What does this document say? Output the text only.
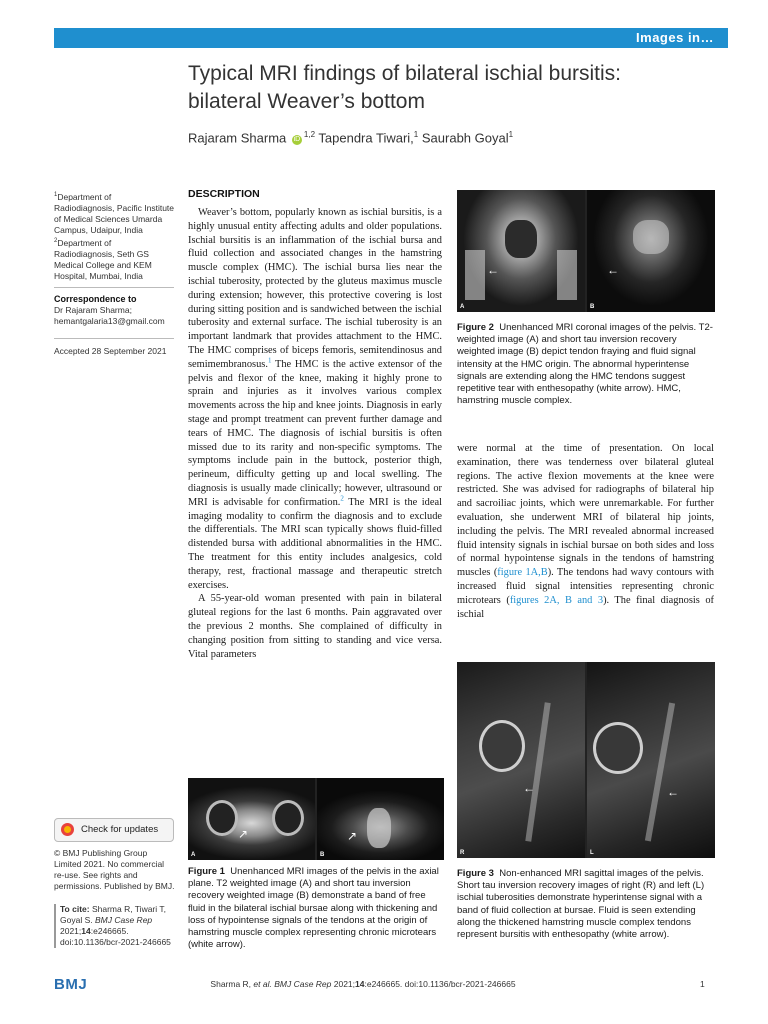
Images in…
Typical MRI findings of bilateral ischial bursitis:
bilateral Weaver’s bottom
Rajaram Sharma iD$^{1,2}$ Tapendra Tiwari,$^1$ Saurabh Goyal$^1$
$^1$Department of Radiodiagnosis, Pacific Institute of Medical Sciences Umarda Campus, Udaipur, India
$^2$Department of Radiodiagnosis, Seth GS Medical College and KEM Hospital, Mumbai, India
Correspondence to
Dr Rajaram Sharma;
hemantgalaria13@gmail.com
Accepted 28 September 2021
Check for updates
© BMJ Publishing Group Limited 2021. No commercial re-use. See rights and permissions. Published by BMJ.
To cite: Sharma R, Tiwari T, Goyal S. BMJ Case Rep 2021;14:e246665. doi:10.1136/bcr-2021-246665
DESCRIPTION

Weaver’s bottom, popularly known as ischial bursitis, is a highly unusual entity affecting adults and older populations. Ischial bursitis is an inflammation of the ischial bursa and fluid collection and associated changes in the hamstring muscle complex (HMC). The ischial bursa lies near the ischial tuberosity, protected by the gluteus maximus muscle during extension; however, this protective covering is lost during sitting position and is sandwiched between the ischial tuberosity and external surface. The ischial tuberosity is an important landmark that provides attachment to the HMC. The HMC comprises of biceps femoris, semitendinosus and semimembranosus.$^1$ The HMC is the active extensor of the pelvis and flexor of the knee, making it highly prone to sprain and injuries as it involves various complex movements across the hip and knee joints. Diagnosis in early stage and prompt treatment can prevent further damage and tears of HMC. The diagnosis of ischial bursitis is often missed due to its rarity and non-specific symptoms. The symptoms include pain in the buttock, posterior thigh, perineum, difficulty getting up and local swelling. The diagnosis is usually made clinically; however, ultrasound or MRI is advisable for confirmation.$^2$ The MRI is the ideal imaging modality to confirm the diagnosis and to exclude the differentials. The MRI scan typically shows fluid-filled distended bursa with additional abnormalities in the HMC. The treatment for this entity includes analgesics, cold therapy, rest, fractional massage and therapeutic stretch exercises.

A 55-year-old woman presented with pain in bilateral gluteal regions for the last 6 months. Pain aggravated over the previous 2 months. She complained of difficulty in changing position from sitting to standing and vice versa. Vital parameters

↗
A
↗
B
Figure 1 Unenhanced MRI images of the pelvis in the axial plane. T2 weighted image (A) and short tau inversion recovery weighted image (B) demonstrate a band of free fluid in the bilateral ischial bursae along with thickening and loss of hypointense signals of the tendons at the origin of hamstring muscle complex representing chronic microtears (white arrow).
←
A
←
B
Figure 2 Unenhanced MRI coronal images of the pelvis. T2-weighted image (A) and short tau inversion recovery weighted image (B) depict tendon fraying and fluid signal intensity at the HMC origin. The abnormal hyperintense signals are extending along the HMC tendons suggest repetitive tear with enthesopathy (white arrow). HMC, hamstring muscle complex.

were normal at the time of presentation. On local examination, there was tenderness over bilateral gluteal regions. The active flexion movements at the knee were restricted. She was advised for radiographs of bilateral hip and sacroiliac joints, which were unremarkable. For further evaluation, she underwent MRI of bilateral hip joints, including the pelvis. The MRI revealed abnormal increased fluid intensity signals in ischial bursae on both sides and loss of normal hypointense signals in the tendons of hamstring muscles (figure 1A,B). The tendons had wavy contours with increased fluid signal intensities representing chronic microtears (figures 2A, B and 3). The final diagnosis of ischial

←
R
←
L
Figure 3 Non-enhanced MRI sagittal images of the pelvis. Short tau inversion recovery images of right (R) and left (L) ischial tuberosities demonstrate hyperintense signal with a band of fluid collection at bursae. Fluid is seen extending along the thickened hamstring muscle complex tendons represent bursitis with enthesopathy (white arrow).
BMJ	Sharma R, et al. BMJ Case Rep 2021;14:e246665. doi:10.1136/bcr-2021-246665	1
